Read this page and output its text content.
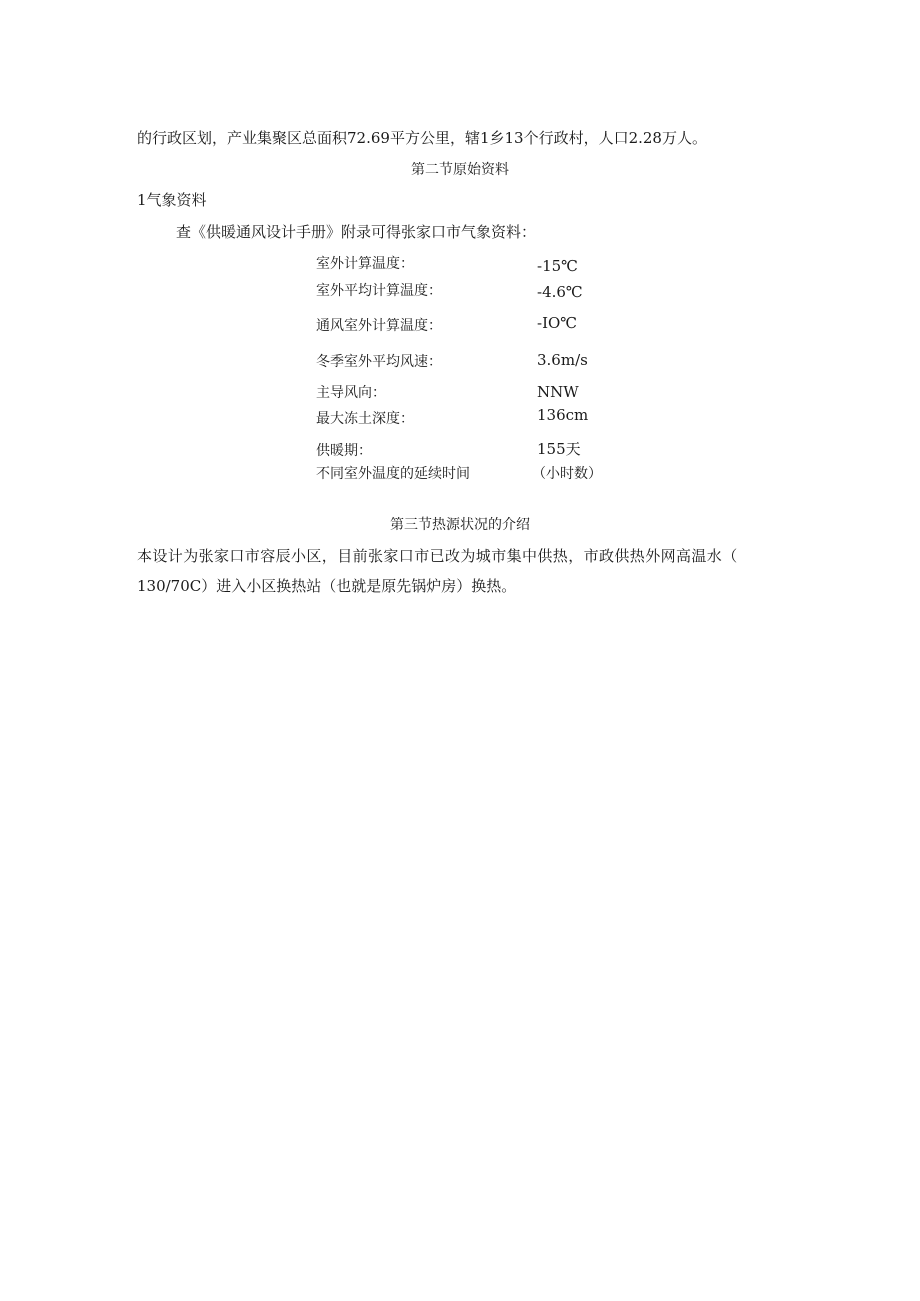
的行政区划，产业集聚区总面积72.69平方公里，辖1乡13个行政村，人口2.28万人。
第二节原始资料
1气象资料
查《供暖通风设计手册》附录可得张家口市气象资料：
室外计算温度：	-15℃
室外平均计算温度：	-4.6℃
通风室外计算温度：	-IO℃
冬季室外平均风速：	3.6m/s
主导风向：	NNW
最大冻土深度：	136cm
供暖期：	155天
不同室外温度的延续时间	（小时数）
第三节热源状况的介绍
本设计为张家口市容辰小区，目前张家口市已改为城市集中供热，市政供热外网高温水（
130/70C）进入小区换热站（也就是原先锅炉房）换热。
